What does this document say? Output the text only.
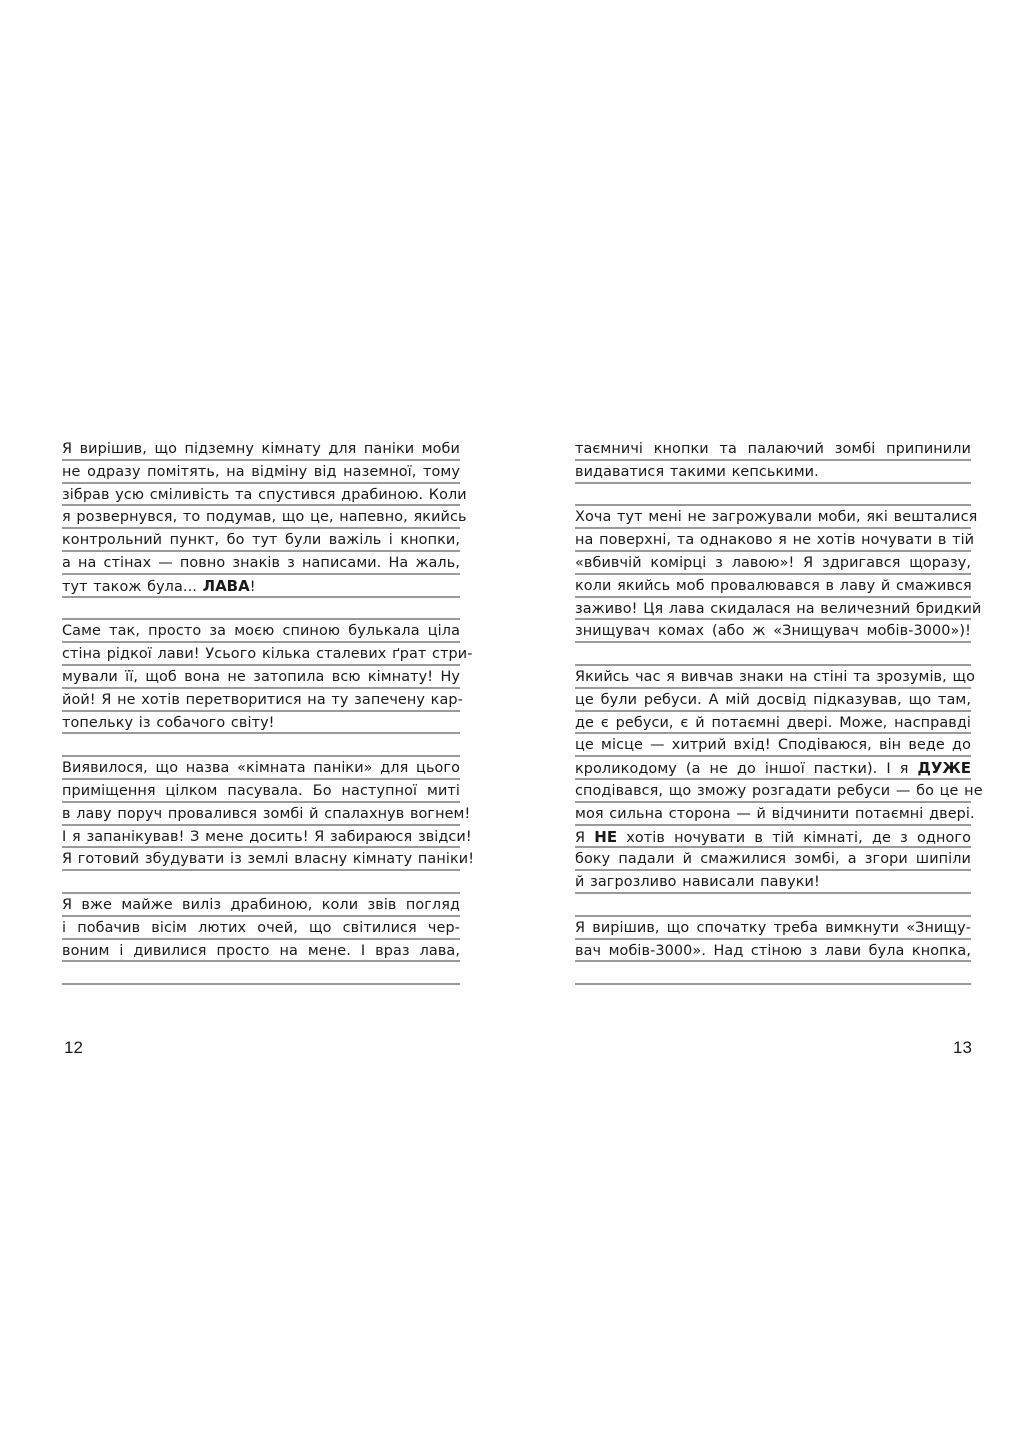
Я вирішив, що підземну кімнату для паніки моби
не одразу помітять, на відміну від наземної, тому
зібрав усю сміливість та спустився драбиною. Коли
я розвернувся, то подумав, що це, напевно, якийсь
контрольний пункт, бо тут були важіль і кнопки,
а на стінах — повно знаків з написами. На жаль,
тут також була... ЛАВА!
Саме так, просто за моєю спиною булькала ціла
стіна рідкої лави! Усього кілька сталевих ґрат стри-
мували її, щоб вона не затопила всю кімнату! Ну
йой! Я не хотів перетворитися на ту запечену кар-
топельку із собачого світу!
Виявилося, що назва «кімната паніки» для цього
приміщення цілком пасувала. Бо наступної миті
в лаву поруч провалився зомбі й спалахнув вогнем!
І я запанікував! З мене досить! Я забираюся звідси!
Я готовий збудувати із землі власну кімнату паніки!
Я вже майже виліз драбиною, коли звів погляд
і побачив вісім лютих очей, що світилися чер-
воним і дивилися просто на мене. І враз лава,
12
таємничі кнопки та палаючий зомбі припинили
видаватися такими кепськими.
Хоча тут мені не загрожували моби, які вешталися
на поверхні, та однаково я не хотів ночувати в тій
«вбивчій комірці з лавою»! Я здригався щоразу,
коли якийсь моб провалювався в лаву й смажився
заживо! Ця лава скидалася на величезний бридкий
знищувач комах (або ж «Знищувач мобів-3000»)!
Якийсь час я вивчав знаки на стіні та зрозумів, що
це були ребуси. А мій досвід підказував, що там,
де є ребуси, є й потаємні двері. Може, насправді
це місце — хитрий вхід! Сподіваюся, він веде до
кроликодому (а не до іншої пастки). І я ДУЖЕ
сподівався, що зможу розгадати ребуси — бо це не
моя сильна сторона — й відчинити потаємні двері.
Я НЕ хотів ночувати в тій кімнаті, де з одного
боку падали й смажилися зомбі, а згори шипіли
й загрозливо нависали павуки!
Я вирішив, що спочатку треба вимкнути «Знищу-
вач мобів-3000». Над стіною з лави була кнопка,
13
